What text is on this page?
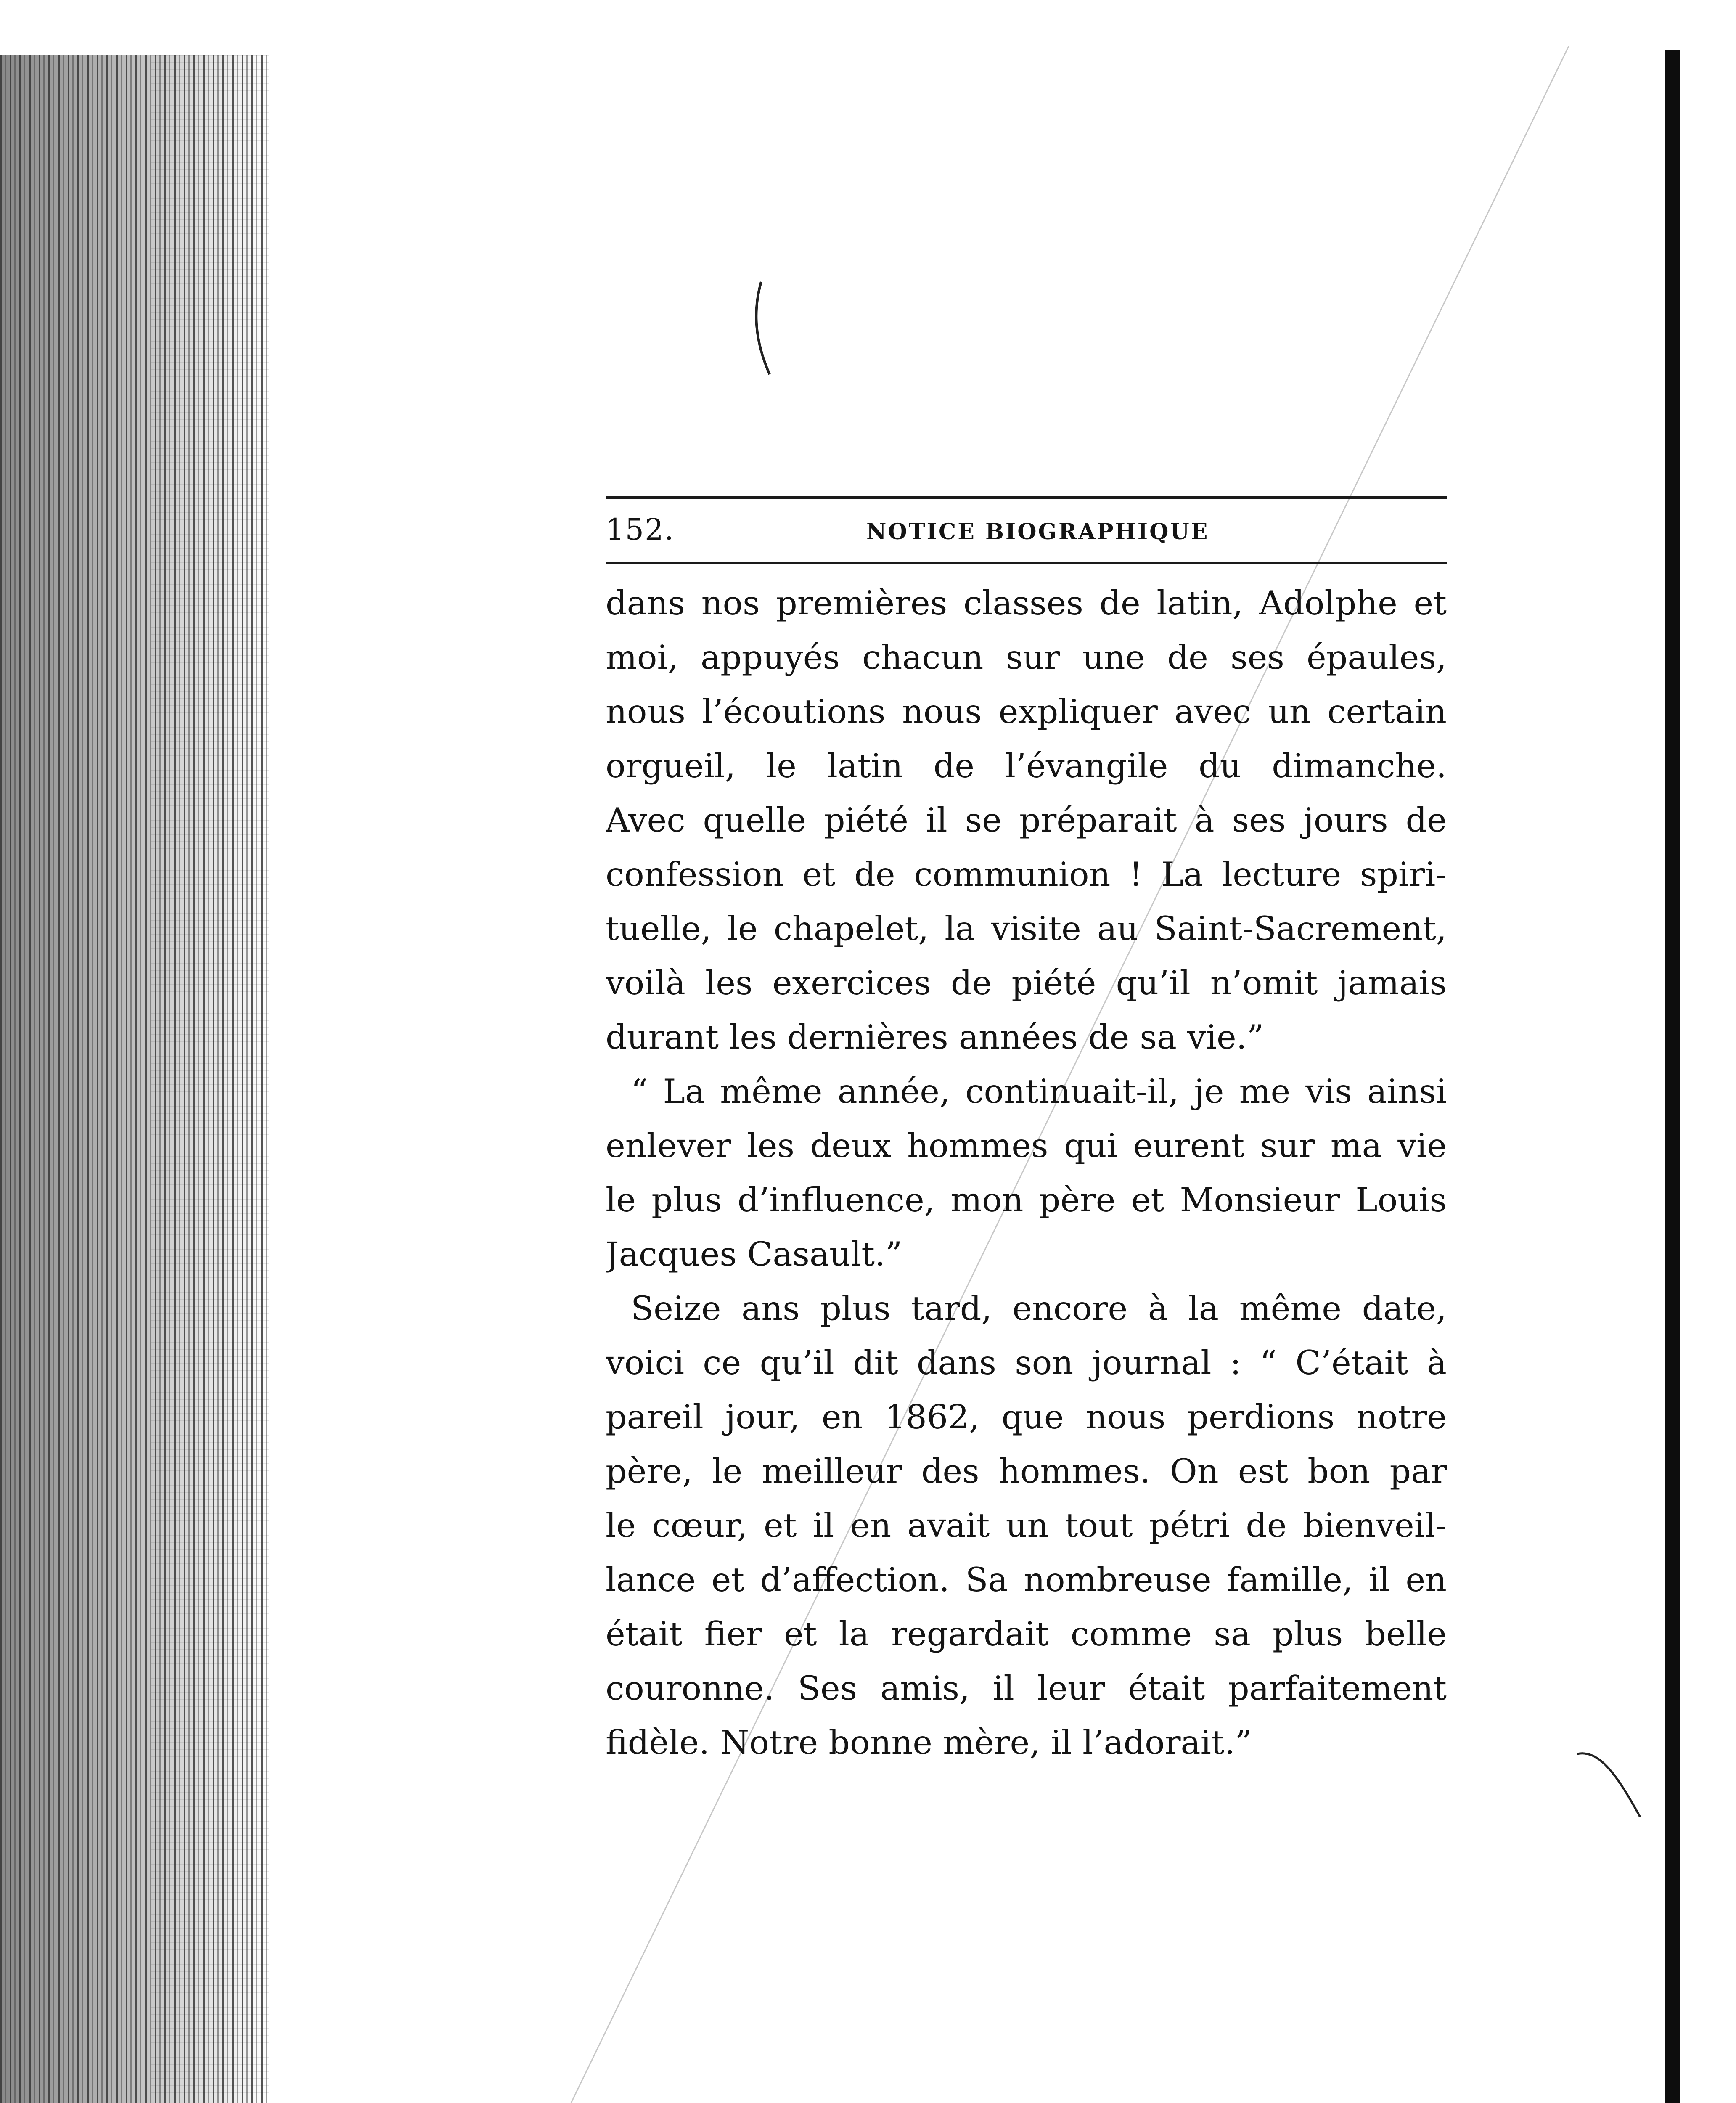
152.	NOTICE BIOGRAPHIQUE

dans nos premières classes de latin, Adolphe et
moi, appuyés chacun sur une de ses épaules,
nous l’écoutions nous expliquer avec un certain
orgueil, le latin de l’évangile du dimanche.
Avec quelle piété il se préparait à ses jours de
confession et de communion ! La lecture spiri-
tuelle, le chapelet, la visite au Saint-Sacrement,
voilà les exercices de piété qu’il n’omit jamais
durant les dernières années de sa vie.”

“ La même année, continuait-il, je me vis ainsi
enlever les deux hommes qui eurent sur ma vie
le plus d’influence, mon père et Monsieur Louis
Jacques Casault.”

Seize ans plus tard, encore à la même date,
voici ce qu’il dit dans son journal : “ C’était à
pareil jour, en 1862, que nous perdions notre
père, le meilleur des hommes. On est bon par
le cœur, et il en avait un tout pétri de bienveil-
lance et d’affection. Sa nombreuse famille, il en
était fier et la regardait comme sa plus belle
couronne. Ses amis, il leur était parfaitement
fidèle. Notre bonne mère, il l’adorait.”
